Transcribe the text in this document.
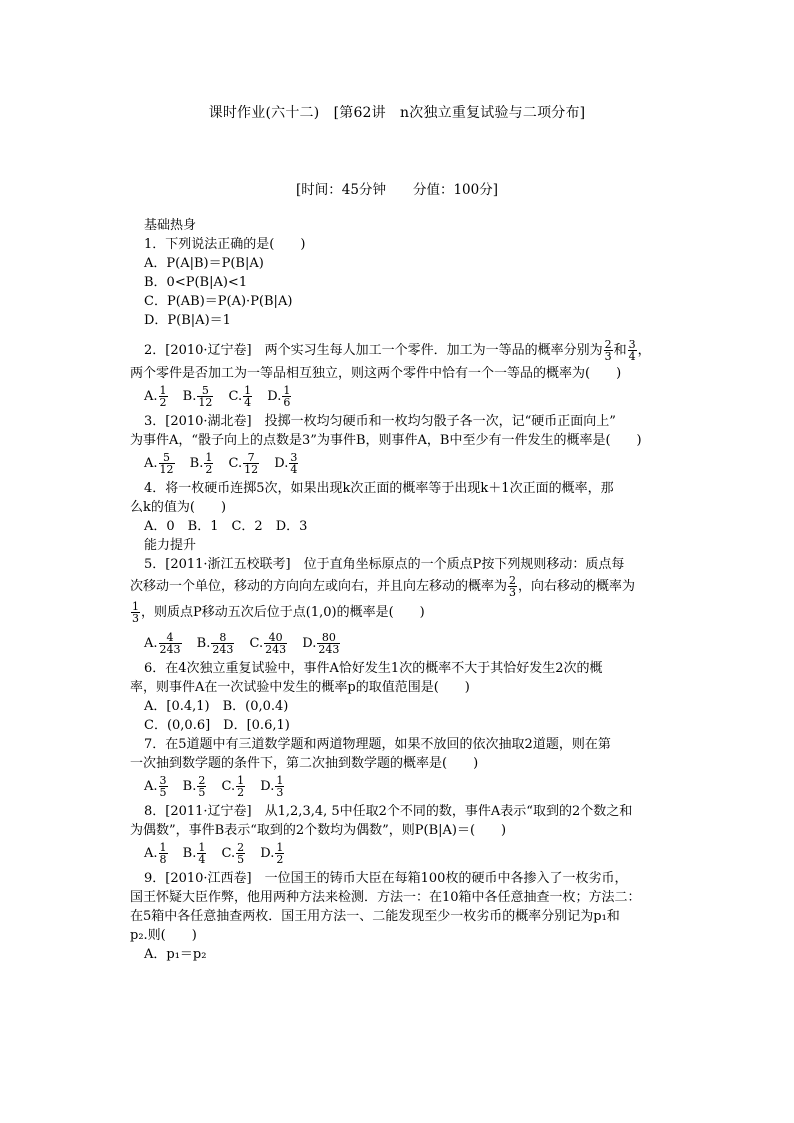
课时作业(六十二)　[第62讲　n次独立重复试验与二项分布]
[时间：45分钟　　分值：100分]

基础热身

1．下列说法正确的是(　　)

A．P(A|B)＝P(B|A)

B．0<P(B|A)<1

C．P(AB)＝P(A)·P(B|A)

D．P(B|A)＝1

2．[2010·辽宁卷]　两个实习生每人加工一个零件．加工为一等品的概率分别为 $\frac{2}{3}$ 和 $\frac{3}{4}$ ，

两个零件是否加工为一等品相互独立，则这两个零件中恰有一个一等品的概率为(　　)

A. $\frac{1}{2} B$. $\frac{5}{12} C$. $\frac{1}{4} D$. $\frac{1}{6}$

3．[2010·湖北卷]　投掷一枚均匀硬币和一枚均匀骰子各一次，记“硬币正面向上”

为事件A，“骰子向上的点数是3”为事件B，则事件A，B中至少有一件发生的概率是(　　)

A. $\frac{5}{12} B$. $\frac{1}{2} C$. $\frac{7}{12} D$. $\frac{3}{4}$

4．将一枚硬币连掷5次，如果出现k次正面的概率等于出现k＋1次正面的概率，那

么k的值为(　　)

A．0　B．1　C．2　D．3

能力提升

5．[2011·浙江五校联考]　位于直角坐标原点的一个质点P按下列规则移动：质点每

次移动一个单位，移动的方向向左或向右，并且向左移动的概率为 $\frac{2}{3}$ ，向右移动的概率为

$\frac{1}{3}$ ，则质点P移动五次后位于点(1,0)的概率是(　　)

A. $\frac{4}{243} B$. $\frac{8}{243} C$. $\frac{40}{243} D$. $\frac{80}{243}$

6．在4次独立重复试验中，事件A恰好发生1次的概率不大于其恰好发生2次的概

率，则事件A在一次试验中发生的概率p的取值范围是(　　)

A．[0.4,1)　B．(0,0.4)

C．(0,0.6]　D．[0.6,1)

7．在5道题中有三道数学题和两道物理题，如果不放回的依次抽取2道题，则在第

一次抽到数学题的条件下，第二次抽到数学题的概率是(　　)

A. $\frac{3}{5} B$. $\frac{2}{5} C$. $\frac{1}{2} D$. $\frac{1}{3}$

8．[2011·辽宁卷]　从1,2,3,4, 5中任取2个不同的数，事件A表示“取到的2个数之和

为偶数”，事件B表示“取到的2个数均为偶数”，则P(B|A)＝(　　)

A. $\frac{1}{8} B$. $\frac{1}{4} C$. $\frac{2}{5} D$. $\frac{1}{2}$

9．[2010·江西卷]　一位国王的铸币大臣在每箱100枚的硬币中各掺入了一枚劣币，

国王怀疑大臣作弊，他用两种方法来检测．方法一：在10箱中各任意抽查一枚；方法二：

在5箱中各任意抽查两枚．国王用方法一、二能发现至少一枚劣币的概率分别记为p₁和

p₂.则(　　)

A．p₁＝p₂
